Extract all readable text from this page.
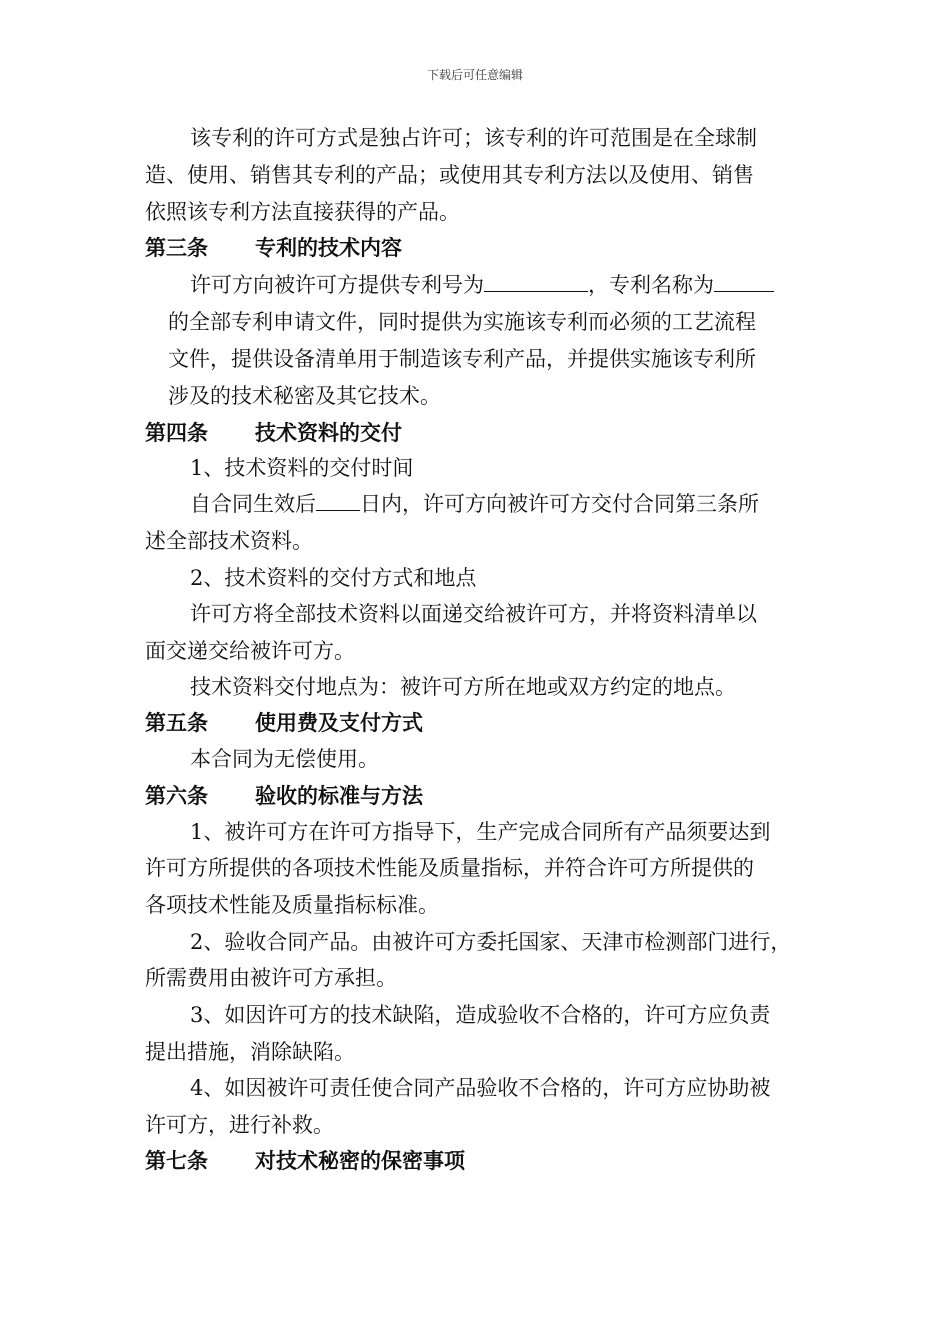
下载后可任意编辑
该专利的许可方式是独占许可；该专利的许可范围是在全球制
造、使用、销售其专利的产品；或使用其专利方法以及使用、销售
依照该专利方法直接获得的产品。
第三条 专利的技术内容
许可方向被许可方提供专利号为	，专利名称为
的全部专利申请文件，同时提供为实施该专利而必须的工艺流程
文件，提供设备清单用于制造该专利产品，并提供实施该专利所
涉及的技术秘密及其它技术。
第四条 技术资料的交付
1、技术资料的交付时间
自合同生效后 日内，许可方向被许可方交付合同第三条所
述全部技术资料。
2、技术资料的交付方式和地点
许可方将全部技术资料以面递交给被许可方，并将资料清单以
面交递交给被许可方。
技术资料交付地点为：被许可方所在地或双方约定的地点。
第五条 使用费及支付方式
本合同为无偿使用。
第六条 验收的标准与方法
1、被许可方在许可方指导下，生产完成合同所有产品须要达到
许可方所提供的各项技术性能及质量指标，并符合许可方所提供的
各项技术性能及质量指标标准。
2、验收合同产品。由被许可方委托国家、天津市检测部门进行，
所需费用由被许可方承担。
3、如因许可方的技术缺陷，造成验收不合格的，许可方应负责
提出措施，消除缺陷。
4、如因被许可责任使合同产品验收不合格的，许可方应协助被
许可方，进行补救。
第七条 对技术秘密的保密事项
